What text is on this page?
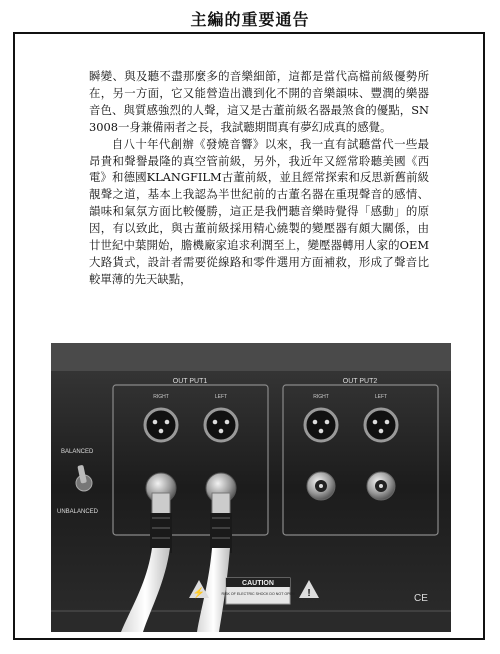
主編的重要通告

瞬變、與及聽不盡那麼多的音樂細節，這都是當代高檔前級優勢所在，另一方面，它又能營造出濃到化不開的音樂韻味、豐潤的樂器音色、與質感強烈的人聲，這又是古董前級名器最煞食的優點，SN 3008一身兼備兩者之長，我試聽期間真有夢幻成真的感覺。

自八十年代創辦《發燒音響》以來，我一直有試聽當代一些最昂貴和聲譽最隆的真空管前級，另外，我近年又經常聆聽美國《西電》和德國KLANGFILM古董前級，並且經常探索和反思新舊前級靚聲之道，基本上我認為半世紀前的古董名器在重現聲音的感情、韻味和氣氛方面比較優勝，這正是我們聽音樂時覺得「感動」的原因，有以致此，與古董前級採用精心繞製的變壓器有頗大關係，由廿世紀中葉開始，膽機廠家追求利潤至上，變壓器轉用人家的OEM大路貨式，設計者需要從線路和零件選用方面補救，形成了聲音比較單薄的先天缺點，

OUT PUT1	OUT PUT2
RIGHT	LEFT	RIGHT	LEFT
BALANCED
UNBALANCED
⚡	!
CAUTION
RISK OF ELECTRIC SHOCK DO NOT OPEN	CE
